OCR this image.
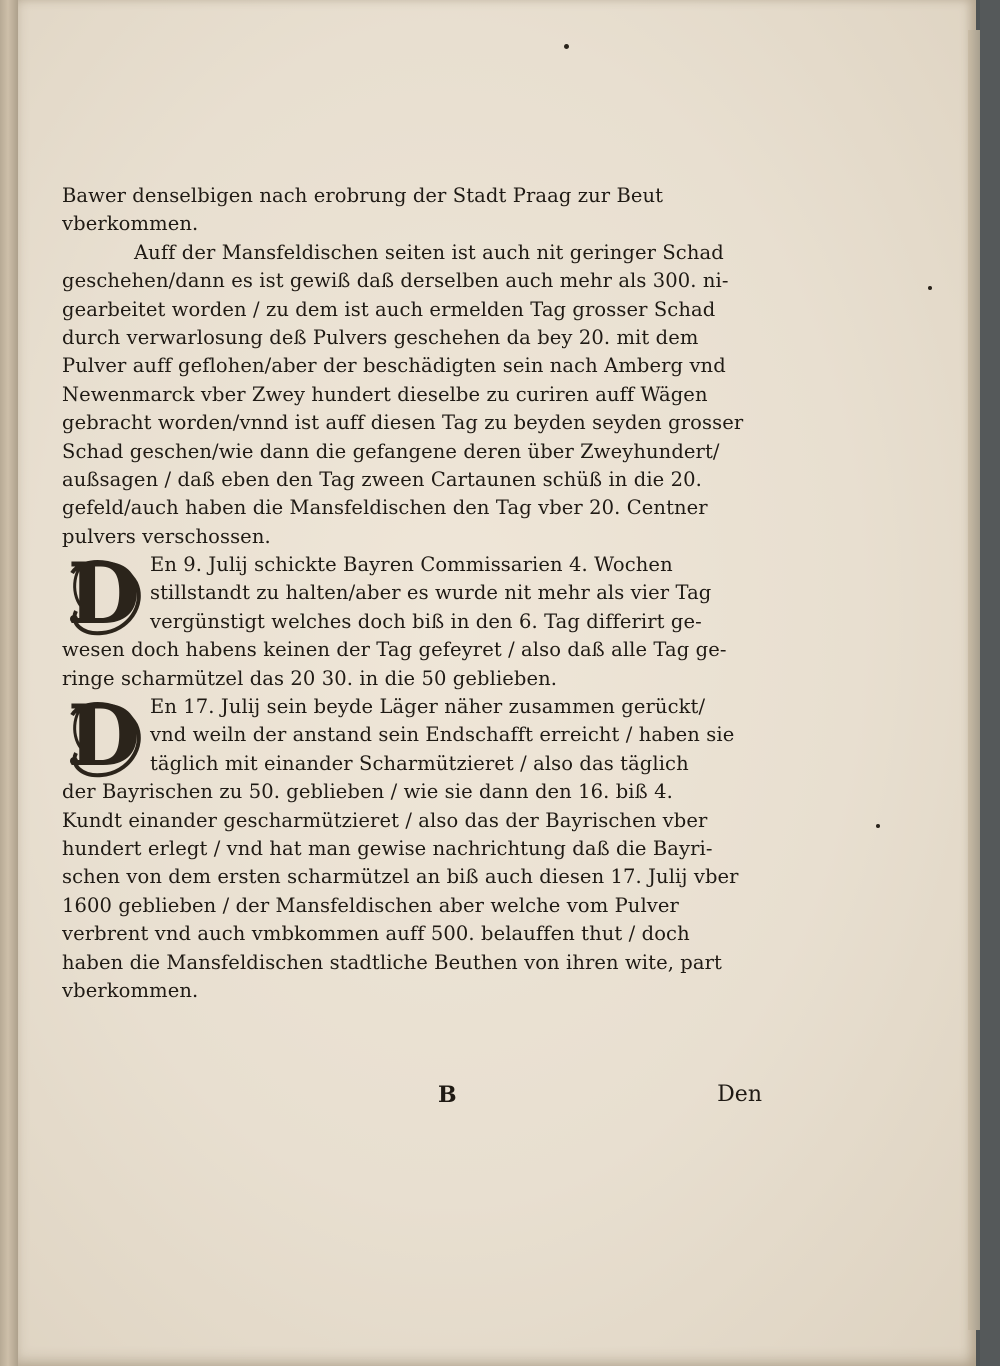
Bawer denselbigen nach erobrung der Stadt Praag zur Beut
vberkommen.
Auff der Mansfeldischen seiten ist auch nit geringer Schad
geschehen/dann es ist gewiß daß derselben auch mehr als 300. ni-
gearbeitet worden / zu dem ist auch ermelden Tag grosser Schad
durch verwarlosung deß Pulvers geschehen da bey 20. mit dem
Pulver auff geflohen/aber der beschädigten sein nach Amberg vnd
Newenmarck vber Zwey hundert dieselbe zu curiren auff Wägen
gebracht worden/vnnd ist auff diesen Tag zu beyden seyden grosser
Schad geschen/wie dann die gefangene deren über Zweyhundert/
außsagen / daß eben den Tag zween Cartaunen schüß in die 20.
gefeld/auch haben die Mansfeldischen den Tag vber 20. Centner
pulvers verschossen.
D En 9. Julij schickte Bayren Commissarien 4. Wochen
stillstandt zu halten/aber es wurde nit mehr als vier Tag
vergünstigt welches doch biß in den 6. Tag differirt ge-
wesen doch habens keinen der Tag gefeyret / also daß alle Tag ge-
ringe scharmützel das 20 30. in die 50 geblieben.
D En 17. Julij sein beyde Läger näher zusammen gerückt/
vnd weiln der anstand sein Endschafft erreicht / haben sie
täglich mit einander Scharmützieret / also das täglich
der Bayrischen zu 50. geblieben / wie sie dann den 16. biß 4.
Kundt einander gescharmützieret / also das der Bayrischen vber
hundert erlegt / vnd hat man gewise nachrichtung daß die Bayri-
schen von dem ersten scharmützel an biß auch diesen 17. Julij vber
1600 geblieben / der Mansfeldischen aber welche vom Pulver
verbrent vnd auch vmbkommen auff 500. belauffen thut / doch
haben die Mansfeldischen stadtliche Beuthen von ihren wite, part
vberkommen.
B	Den
